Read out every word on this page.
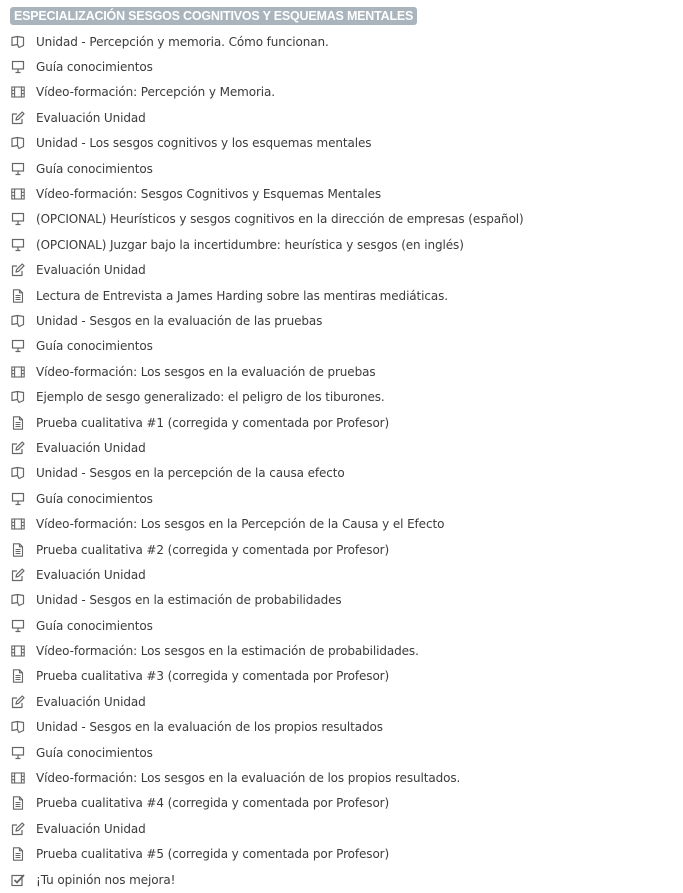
ESPECIALIZACIÓN SESGOS COGNITIVOS Y ESQUEMAS MENTALES
Unidad - Percepción y memoria. Cómo funcionan.
Guía conocimientos
Vídeo-formación: Percepción y Memoria.
Evaluación Unidad
Unidad - Los sesgos cognitivos y los esquemas mentales
Guía conocimientos
Vídeo-formación: Sesgos Cognitivos y Esquemas Mentales
(OPCIONAL) Heurísticos y sesgos cognitivos en la dirección de empresas (español)
(OPCIONAL) Juzgar bajo la incertidumbre: heurística y sesgos (en inglés)
Evaluación Unidad
Lectura de Entrevista a James Harding sobre las mentiras mediáticas.
Unidad - Sesgos en la evaluación de las pruebas
Guía conocimientos
Vídeo-formación: Los sesgos en la evaluación de pruebas
Ejemplo de sesgo generalizado: el peligro de los tiburones.
Prueba cualitativa #1 (corregida y comentada por Profesor)
Evaluación Unidad
Unidad - Sesgos en la percepción de la causa efecto
Guía conocimientos
Vídeo-formación: Los sesgos en la Percepción de la Causa y el Efecto
Prueba cualitativa #2 (corregida y comentada por Profesor)
Evaluación Unidad
Unidad - Sesgos en la estimación de probabilidades
Guía conocimientos
Vídeo-formación: Los sesgos en la estimación de probabilidades.
Prueba cualitativa #3 (corregida y comentada por Profesor)
Evaluación Unidad
Unidad - Sesgos en la evaluación de los propios resultados
Guía conocimientos
Vídeo-formación: Los sesgos en la evaluación de los propios resultados.
Prueba cualitativa #4 (corregida y comentada por Profesor)
Evaluación Unidad
Prueba cualitativa #5 (corregida y comentada por Profesor)
¡Tu opinión nos mejora!
